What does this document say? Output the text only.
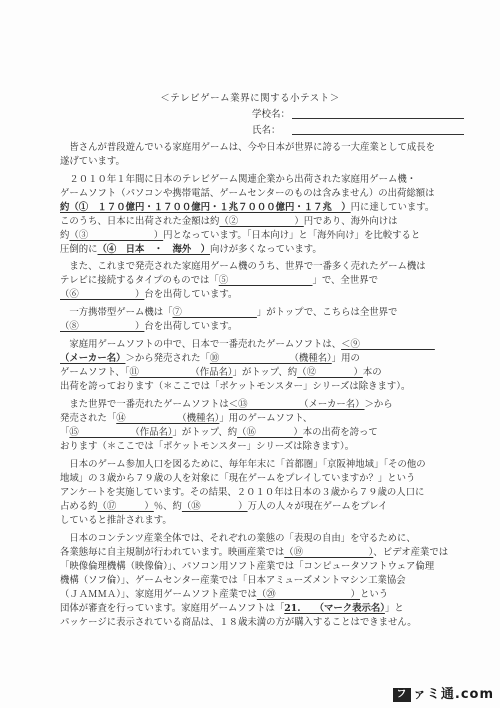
＜テレビゲーム業界に関する小テスト＞
学校名：
氏名：
　皆さんが普段遊んでいる家庭用ゲームは、今や日本が世界に誇る一大産業として成長を
遂げています。
　２０１０年１年間に日本のテレビゲーム関連企業から出荷された家庭用ゲーム機・
ゲームソフト（パソコンや携帯電話、ゲームセンターのものは含みません）の出荷総額は
約（①　１７０億円・１７００億円・１兆７０００億円・１７兆　）円に達しています。
このうち、日本に出荷された金額は約（②　　　　　　）円であり、海外向けは
約（③　　　　　　　）円となっています。「日本向け」と「海外向け」を比較すると
圧倒的に（④　日本　・　海外　）向けが多くなっています。
　また、これまで発売された家庭用ゲーム機のうち、世界で一番多く売れたゲーム機は
テレビに接続するタイプのものでは「⑤　　　　　　　　　」で、全世界で
（⑥　　　　　　）台を出荷しています。
　一方携帯型ゲーム機は「⑦　　　　　　　　」がトップで、こちらは全世界で
（⑧　　　　　　）台を出荷しています。
　家庭用ゲームソフトの中で、日本で一番売れたゲームソフトは、＜⑨　　　　　　　　
（メーカー名）＞から発売された「⑩　　　　　　　　（機種名）」用の
ゲームソフト、「⑪　　　　　　（作品名）」がトップ、約（⑫　　　　）本の
出荷を誇っております（＊ここでは「ポケットモンスター」シリーズは除きます）。
　また世界で一番売れたゲームソフトは＜⑬　　　　　　（メーカー名）＞から
発売された「⑭　　　　　　（機種名）」用のゲームソフト、
「⑮　　　　　　（作品名）」がトップ、約（⑯　　　　）本の出荷を誇って
おります（＊ここでは「ポケットモンスター」シリーズは除きます）。
　日本のゲーム参加人口を図るために、毎年年末に「首都圏」「京阪神地域」「その他の
地域」の３歳から７９歳の人を対象に「現在ゲームをプレイしていますか？」という
アンケートを実施しています。その結果、２０１０年は日本の３歳から７９歳の人口に
占める約（⑰　　　）％、約（⑱　　　　）万人の人々が現在ゲームをプレイ
していると推計されます。
　日本のコンテンツ産業全体では、それぞれの業態の「表現の自由」を守るために、
各業態毎に自主規制が行われています。映画産業では（⑲　　　　　　　）、ビデオ産業では
「映像倫理機構（映像倫）」、パソコン用ソフト産業では「コンピュータソフトウェア倫理
機構（ソフ倫）」、ゲームセンター産業では「日本アミューズメントマシン工業協会
（ＪＡＭＭＡ）」、家庭用ゲームソフト産業では（⑳　　　　　　　　）という
団体が審査を行っています。家庭用ゲームソフトは「21.　　（マーク表示名）」と
パッケージに表示されている商品は、１８歳未満の方が購入することはできません。
フ ァミ通.com
